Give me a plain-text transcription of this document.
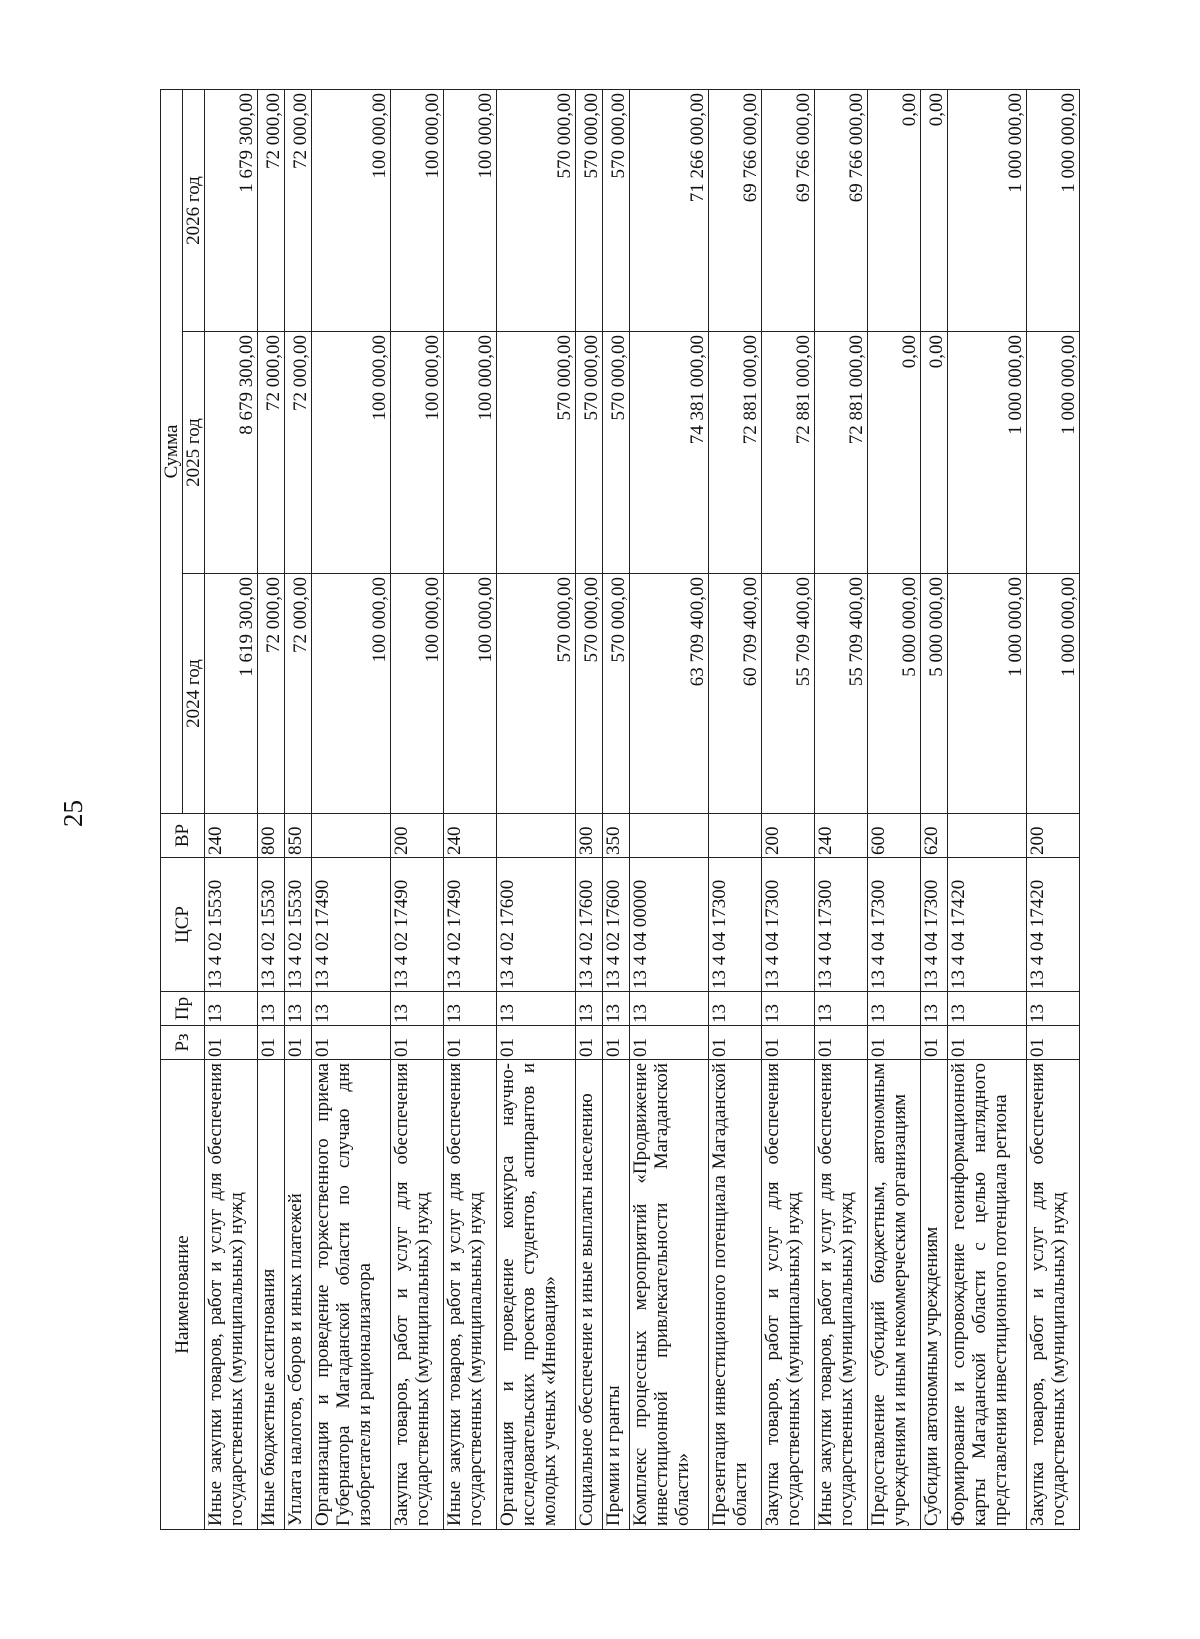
25
Наименование	Рз	Пр	ЦСР	ВР	Сумма		
					2024 год	2025 год	2026 год
Иные закупки товаров, работ и услуг для обеспечения государственных (муниципальных) нужд	01	13	13 4 02 15530	240	1 619 300,00	8 679 300,00	1 679 300,00
Иные бюджетные ассигнования	01	13	13 4 02 15530	800	72 000,00	72 000,00	72 000,00
Уплата налогов, сборов и иных платежей	01	13	13 4 02 15530	850	72 000,00	72 000,00	72 000,00
Организация и проведение торжественного приема Губернатора Магаданской области по случаю дня изобретателя и рационализатора	01	13	13 4 02 17490		100 000,00	100 000,00	100 000,00
Закупка товаров, работ и услуг для обеспечения государственных (муниципальных) нужд	01	13	13 4 02 17490	200	100 000,00	100 000,00	100 000,00
Иные закупки товаров, работ и услуг для обеспечения государственных (муниципальных) нужд	01	13	13 4 02 17490	240	100 000,00	100 000,00	100 000,00
Организация и проведение конкурса научно-исследовательских проектов студентов, аспирантов и молодых ученых «Инновация»	01	13	13 4 02 17600		570 000,00	570 000,00	570 000,00
Социальное обеспечение и иные выплаты населению	01	13	13 4 02 17600	300	570 000,00	570 000,00	570 000,00
Премии и гранты	01	13	13 4 02 17600	350	570 000,00	570 000,00	570 000,00
Комплекс процессных мероприятий «Продвижение инвестиционной привлекательности Магаданской области»	01	13	13 4 04 00000		63 709 400,00	74 381 000,00	71 266 000,00
Презентация инвестиционного потенциала Магаданской области	01	13	13 4 04 17300		60 709 400,00	72 881 000,00	69 766 000,00
Закупка товаров, работ и услуг для обеспечения государственных (муниципальных) нужд	01	13	13 4 04 17300	200	55 709 400,00	72 881 000,00	69 766 000,00
Иные закупки товаров, работ и услуг для обеспечения государственных (муниципальных) нужд	01	13	13 4 04 17300	240	55 709 400,00	72 881 000,00	69 766 000,00
Предоставление субсидий бюджетным, автономным учреждениям и иным некоммерческим организациям	01	13	13 4 04 17300	600	5 000 000,00	0,00	0,00
Субсидии автономным учреждениям	01	13	13 4 04 17300	620	5 000 000,00	0,00	0,00
Формирование и сопровождение геоинформационной карты Магаданской области с целью наглядного представления инвестиционного потенциала региона	01	13	13 4 04 17420		1 000 000,00	1 000 000,00	1 000 000,00
Закупка товаров, работ и услуг для обеспечения государственных (муниципальных) нужд	01	13	13 4 04 17420	200	1 000 000,00	1 000 000,00	1 000 000,00
